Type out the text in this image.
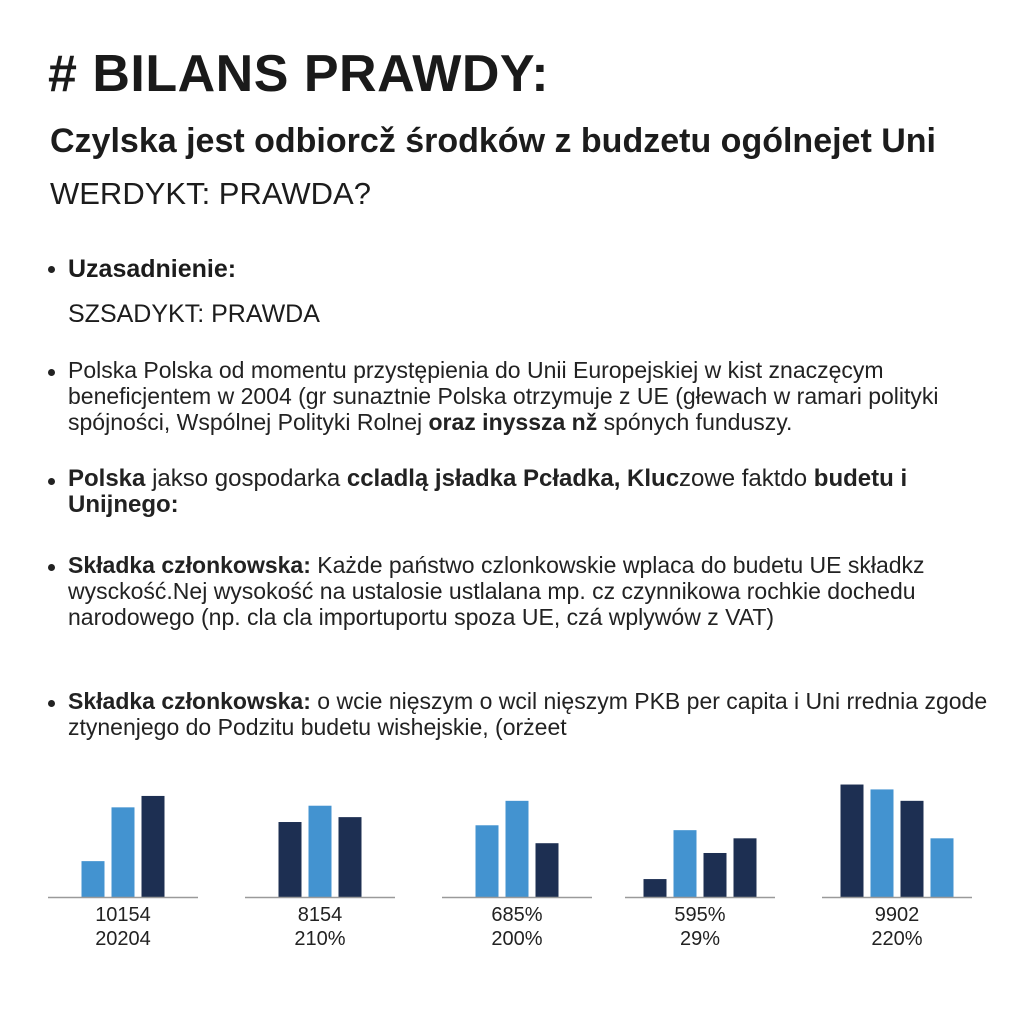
# BILANS PRAWDY:
Czylska jest odbiorcž środków z budzetu ogólnejet Uni

WERDYKT: PRAWDA?

Uzasadnienie:
SZSADYKT: PRAWDA
Polska Polska od momentu przystępienia do Unii Europejskiej w kist znaczęcym beneficjentem w 2004 (gr sunaztnie Polska otrzymuje z UE (głewach w ramari polityki spójności, Wspólnej Polityki Rolnej oraz inyssza nž spónych funduszy.
Polska jakso gospodarka ccladlą jsładka Pcładka, Kluczowe faktdo budetu i Unijnego:
Składka członkowska: Każde państwo czlonkowskie wplaca do budetu UE składkz wysckość.Nej wysokość na ustalosie ustlalana mp. cz czynnikowa rochkie dochedu narodowego (np. cla cla importuportu spoza UE, czá wplywów z VAT)
Składka członkowska: o wcie nięszym o wcil nięszym PKB per capita i Uni rrednia zgode ztynenjego do Podzitu budetu wishejskie, (orżeet
10154
20204
8154
210%
685%
200%
595%
29%
9902
220%
